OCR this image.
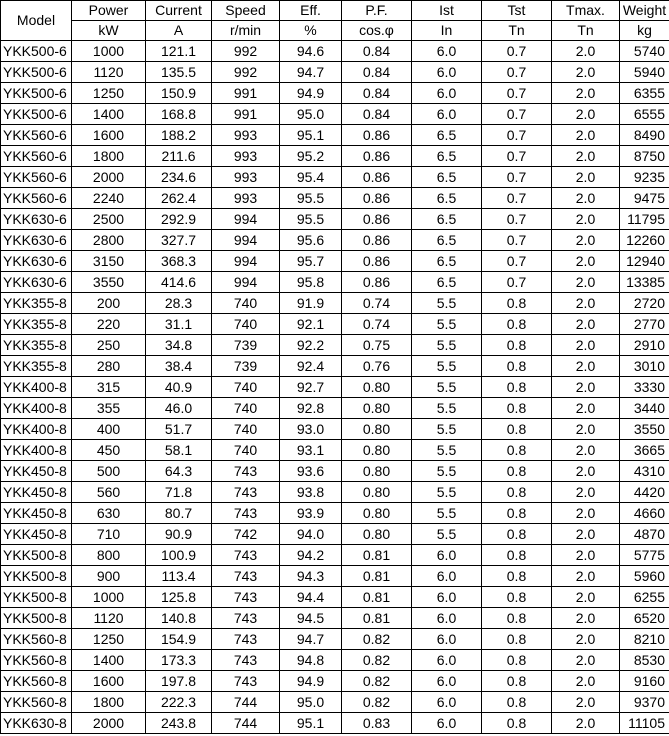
Model	Power	Current	Speed	Eff.	P.F.	Ist	Tst	Tmax.	Weight
	kW	A	r/min	%	cos.φ	In	Tn	Tn	kg
YKK500-6	1000	121.1	992	94.6	0.84	6.0	0.7	2.0	5740
YKK500-6	1120	135.5	992	94.7	0.84	6.0	0.7	2.0	5940
YKK500-6	1250	150.9	991	94.9	0.84	6.0	0.7	2.0	6355
YKK500-6	1400	168.8	991	95.0	0.84	6.0	0.7	2.0	6555
YKK560-6	1600	188.2	993	95.1	0.86	6.5	0.7	2.0	8490
YKK560-6	1800	211.6	993	95.2	0.86	6.5	0.7	2.0	8750
YKK560-6	2000	234.6	993	95.4	0.86	6.5	0.7	2.0	9235
YKK560-6	2240	262.4	993	95.5	0.86	6.5	0.7	2.0	9475
YKK630-6	2500	292.9	994	95.5	0.86	6.5	0.7	2.0	11795
YKK630-6	2800	327.7	994	95.6	0.86	6.5	0.7	2.0	12260
YKK630-6	3150	368.3	994	95.7	0.86	6.5	0.7	2.0	12940
YKK630-6	3550	414.6	994	95.8	0.86	6.5	0.7	2.0	13385
YKK355-8	200	28.3	740	91.9	0.74	5.5	0.8	2.0	2720
YKK355-8	220	31.1	740	92.1	0.74	5.5	0.8	2.0	2770
YKK355-8	250	34.8	739	92.2	0.75	5.5	0.8	2.0	2910
YKK355-8	280	38.4	739	92.4	0.76	5.5	0.8	2.0	3010
YKK400-8	315	40.9	740	92.7	0.80	5.5	0.8	2.0	3330
YKK400-8	355	46.0	740	92.8	0.80	5.5	0.8	2.0	3440
YKK400-8	400	51.7	740	93.0	0.80	5.5	0.8	2.0	3550
YKK400-8	450	58.1	740	93.1	0.80	5.5	0.8	2.0	3665
YKK450-8	500	64.3	743	93.6	0.80	5.5	0.8	2.0	4310
YKK450-8	560	71.8	743	93.8	0.80	5.5	0.8	2.0	4420
YKK450-8	630	80.7	743	93.9	0.80	5.5	0.8	2.0	4660
YKK450-8	710	90.9	742	94.0	0.80	5.5	0.8	2.0	4870
YKK500-8	800	100.9	743	94.2	0.81	6.0	0.8	2.0	5775
YKK500-8	900	113.4	743	94.3	0.81	6.0	0.8	2.0	5960
YKK500-8	1000	125.8	743	94.4	0.81	6.0	0.8	2.0	6255
YKK500-8	1120	140.8	743	94.5	0.81	6.0	0.8	2.0	6520
YKK560-8	1250	154.9	743	94.7	0.82	6.0	0.8	2.0	8210
YKK560-8	1400	173.3	743	94.8	0.82	6.0	0.8	2.0	8530
YKK560-8	1600	197.8	743	94.9	0.82	6.0	0.8	2.0	9160
YKK560-8	1800	222.3	744	95.0	0.82	6.0	0.8	2.0	9370
YKK630-8	2000	243.8	744	95.1	0.83	6.0	0.8	2.0	11105
